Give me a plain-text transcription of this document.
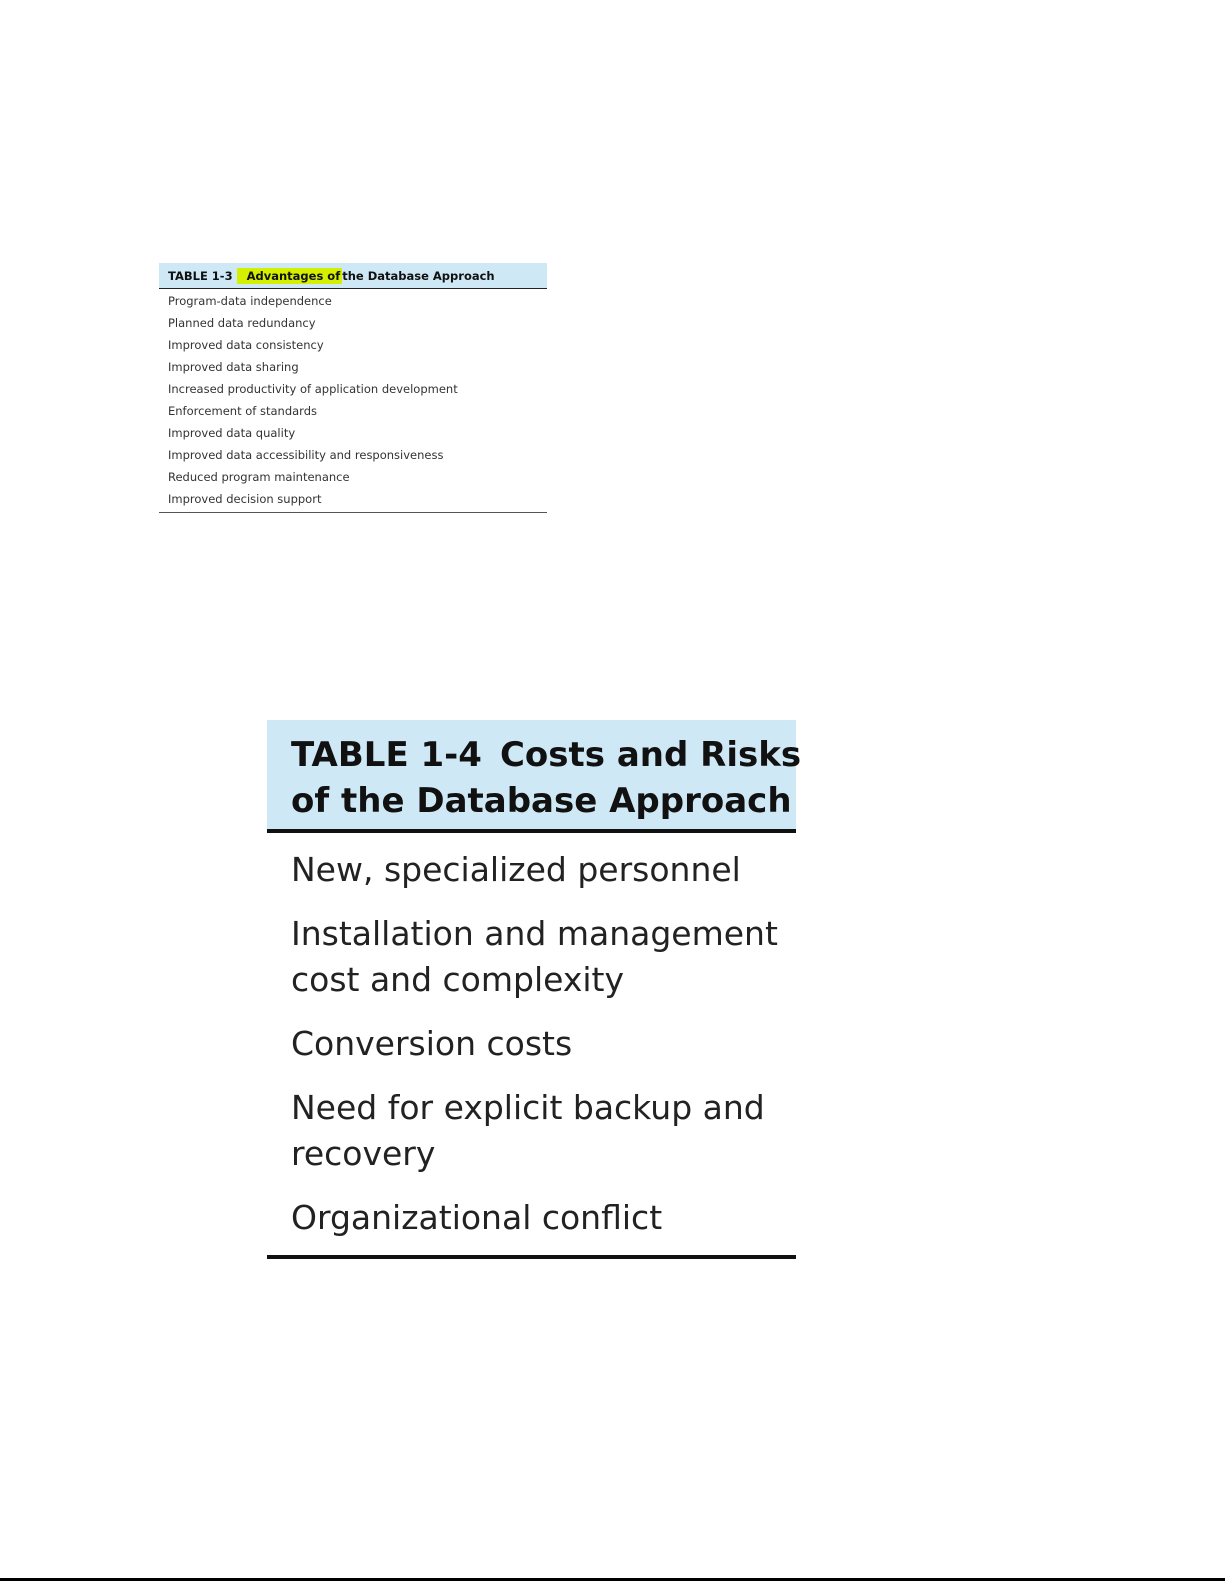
TABLE 1-3	Advantages of the Database Approach
Program-data independence
Planned data redundancy
Improved data consistency
Improved data sharing
Increased productivity of application development
Enforcement of standards
Improved data quality
Improved data accessibility and responsiveness
Reduced program maintenance
Improved decision support
TABLE 1-4 Costs and Risks
of the Database Approach
New, specialized personnel
Installation and management cost and complexity
Conversion costs
Need for explicit backup and recovery
Organizational conflict
